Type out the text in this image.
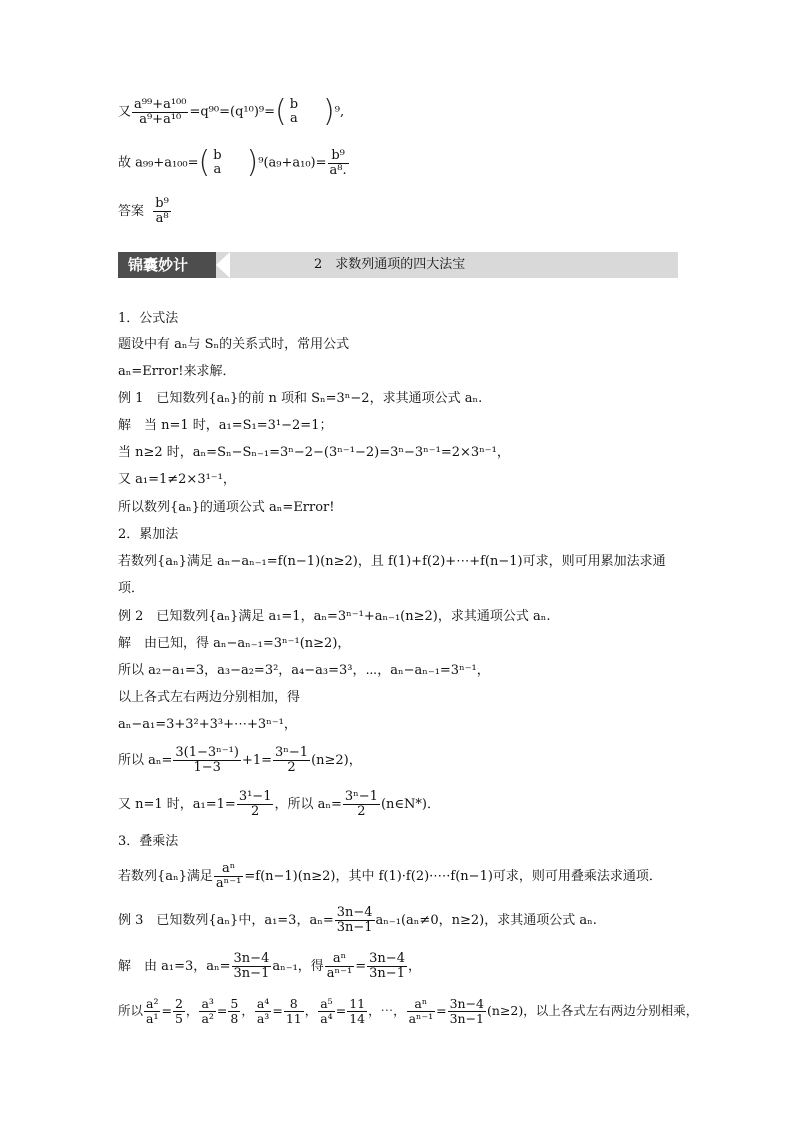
又 $\frac{\text{a⁹⁹+a¹⁰⁰}}{\text{a⁹+a¹⁰}} =q^{90}=(q^{10})^9=$( b
a )⁹,
故 a₉₉+a₁₀₀=( b
a )$^9(a_9+a_{10})= \frac{\text{b⁹}}{\text{a⁸.}}$
答案 $\frac{\text{b⁹}}{\text{a⁸}}$
锦囊妙计	2　求数列通项的四大法宝
1．公式法
题设中有 aₙ与 Sₙ的关系式时，常用公式
aₙ=Error!来求解．
例 1　已知数列{aₙ}的前 n 项和 Sₙ=3ⁿ−2，求其通项公式 aₙ.
解　当 n=1 时，a₁=S₁=3¹−2=1；
当 n≥2 时，aₙ=Sₙ−Sₙ₋₁=3ⁿ−2−(3ⁿ⁻¹−2)=3ⁿ−3ⁿ⁻¹=2×3ⁿ⁻¹，
又 a₁=1≠2×3¹⁻¹，
所以数列{aₙ}的通项公式 aₙ=Error!
2．累加法
若数列{aₙ}满足 aₙ−aₙ₋₁=f(n−1)(n≥2)，且 f(1)+f(2)+⋯+f(n−1)可求，则可用累加法求通
项．
例 2　已知数列{aₙ}满足 a₁=1，aₙ=3ⁿ⁻¹+aₙ₋₁(n≥2)，求其通项公式 aₙ.
解　由已知，得 aₙ−aₙ₋₁=3ⁿ⁻¹(n≥2)，
所以 a₂−a₁=3，a₃−a₂=3²，a₄−a₃=3³，⋯，aₙ−aₙ₋₁=3ⁿ⁻¹，
以上各式左右两边分别相加，得
aₙ−a₁=3+3²+3³+⋯+3ⁿ⁻¹，
所以 $a_n= \frac{\text{3(1−3ⁿ⁻¹)}}{1-3} +1= \frac{\text{3ⁿ−1}}{2} (n\ge 2)$，
又 n=1 时，$a_1=1= \frac{\text{3¹−1}}{2}$ ，所以 $a_n= \frac{\text{3ⁿ−1}}{2}$ (n∈N*)．
3．叠乘法
若数列{aₙ}满足 $\frac{\text{aⁿ}}{\text{aⁿ⁻¹}} =f(n-1)(n\ge 2)$，其中 f(1)·f(2)·⋯·f(n−1)可求，则可用叠乘法求通项．
例 3　已知数列{aₙ}中，a₁=3，$a_n= \frac{3n-4}{3n-1} a_{n-1}(a_n\ne 0$，n≥2)，求其通项公式 aₙ.
解　由 a₁=3，$a_n= \frac{3n-4}{3n-1} a_{n-1}$，得 $\frac{\text{aⁿ}}{\text{aⁿ⁻¹}} = \frac{3n-4}{3n-1}$ ，
所以 $\frac{\text{a²}}{\text{a¹}} = \frac{2}{5}$ ， $\frac{\text{a³}}{\text{a²}} = \frac{5}{8}$ ， $\frac{\text{a⁴}}{\text{a³}} = \frac{8}{11}$ ， $\frac{\text{a⁵}}{\text{a⁴}} = \frac{11}{14}$ ，⋯， $\frac{\text{aⁿ}}{\text{aⁿ⁻¹}} = \frac{3n-4}{3n-1} (n\ge 2)$，以上各式左右两边分别相乘，
